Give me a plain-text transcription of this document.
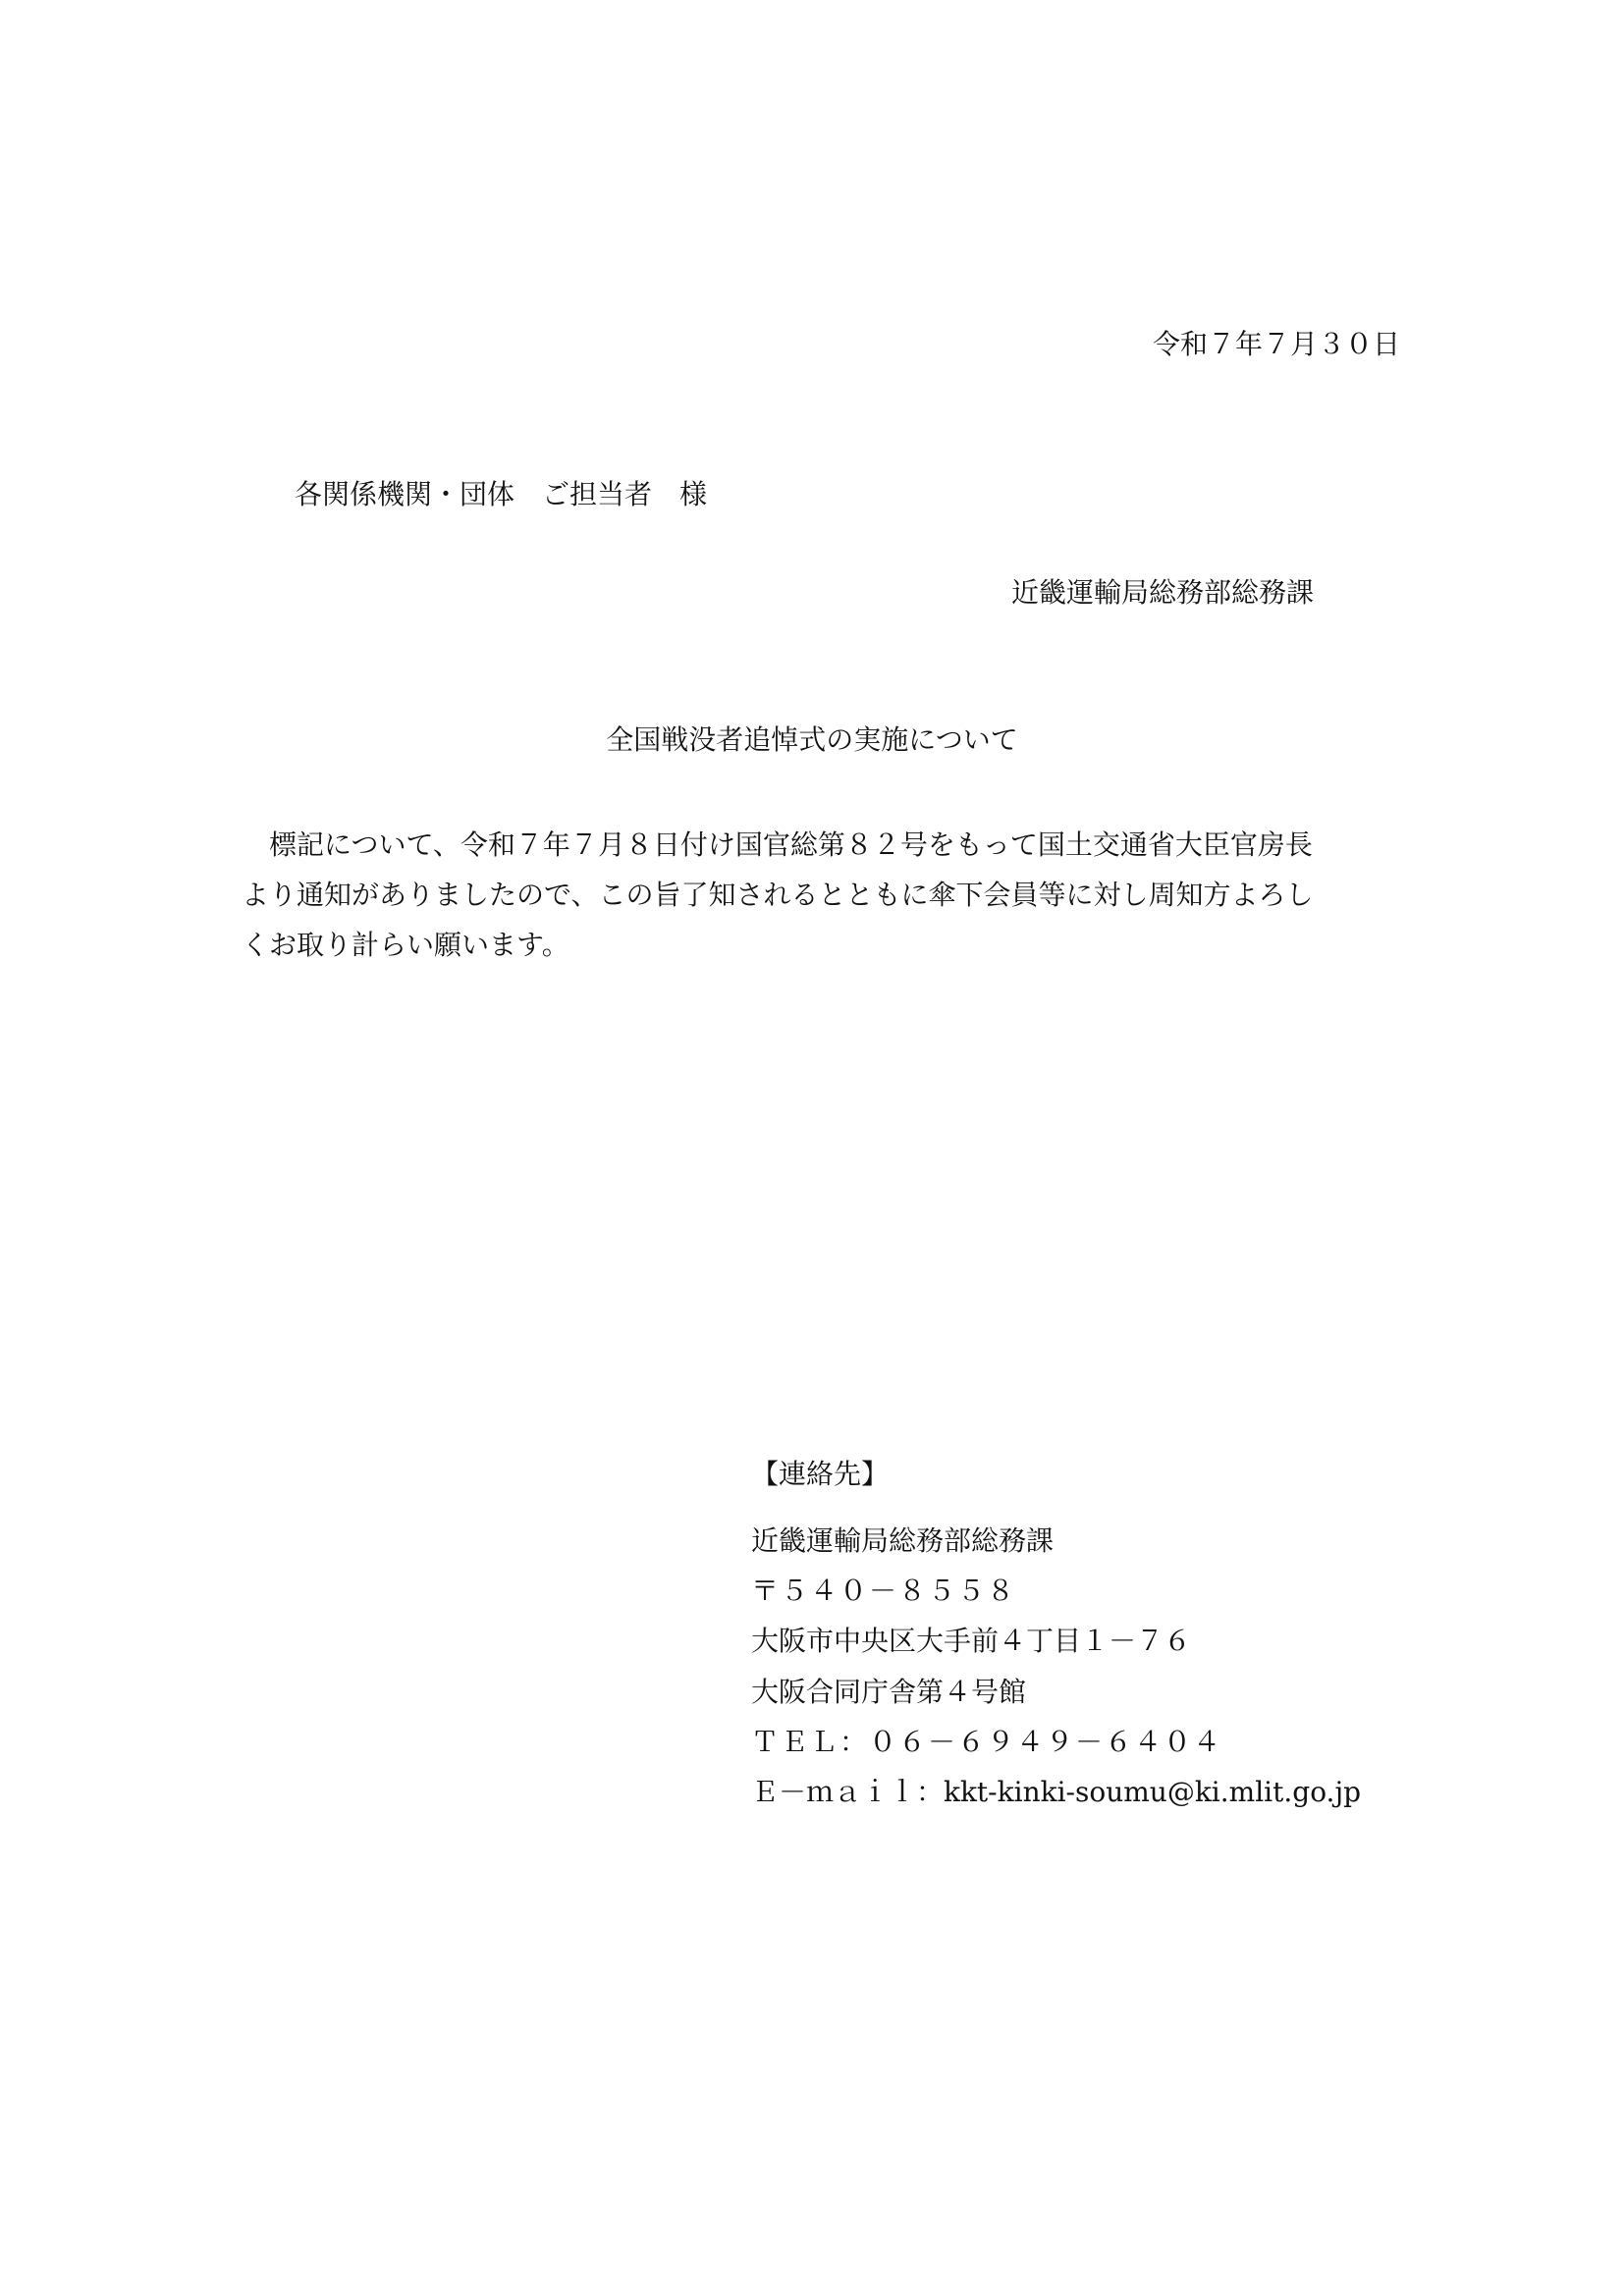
令和７年７月３０日
各関係機関・団体　ご担当者　様
近畿運輸局総務部総務課
全国戦没者追悼式の実施について

　標記について、令和７年７月８日付け国官総第８２号をもって国土交通省大臣官房長

より通知がありましたので、この旨了知されるとともに傘下会員等に対し周知方よろし

くお取り計らい願います。

【連絡先】
近畿運輸局総務部総務課
〒５４０－８５５８
大阪市中央区大手前４丁目１－７６
大阪合同庁舎第４号館
ＴＥＬ：０６－６９４９－６４０４
Ｅ－ｍａｉｌ：kkt-kinki-soumu@ki.mlit.go.jp
